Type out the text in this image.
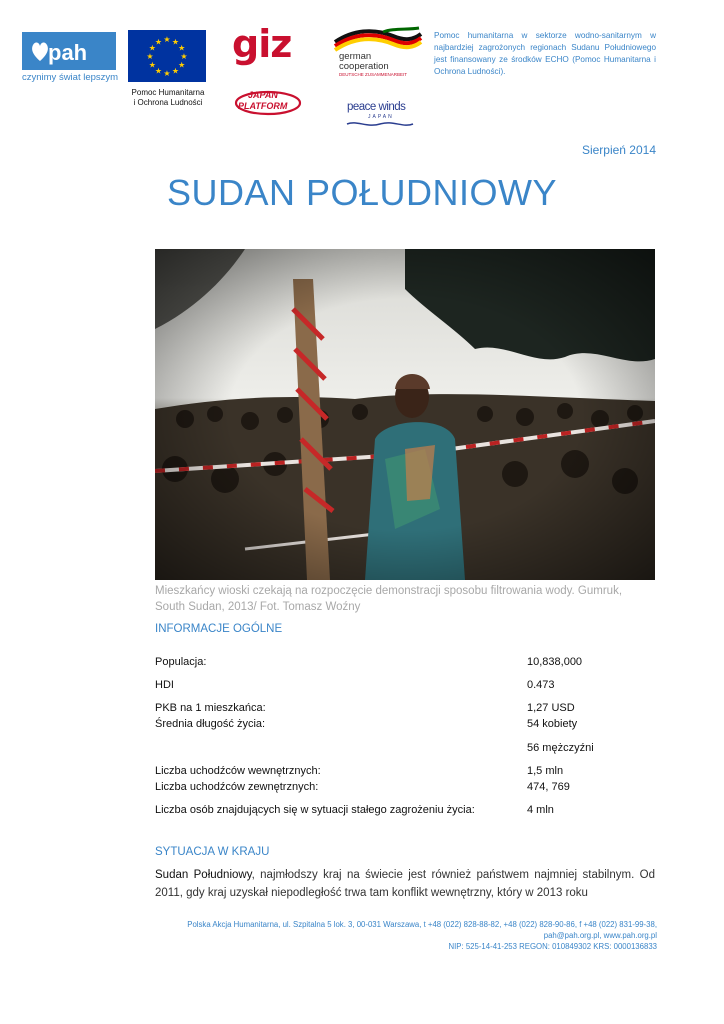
pah
czynimy świat lepszym
★ ★
★
★
★
★
★
★
★
★
★
★
Pomoc Humanitarna
i Ochrona Ludności
giz
JAPAN
PLATFORM
german
cooperation
DEUTSCHE ZUSAMMENARBEIT
peace winds
JAPAN
Pomoc humanitarna w sektorze wodno-sanitarnym w najbardziej zagrożonych regionach Sudanu Południowego jest finansowany ze środków ECHO (Pomoc Humanitarna i Ochrona Ludności).
Sierpień 2014
SUDAN POŁUDNIOWY
Mieszkańcy wioski czekają na rozpoczęcie demonstracji sposobu filtrowania wody. Gumruk, South Sudan, 2013/ Fot. Tomasz Woźny
INFORMACJE OGÓLNE
Populacja:	10,838,000
HDI	0.473
PKB na 1 mieszkańca:	1,27 USD
Średnia długość życia:	54 kobiety
56 mężczyźni
Liczba uchodźców wewnętrznych:	1,5 mln
Liczba uchodźców zewnętrznych:	474, 769
Liczba osób znajdujących się w sytuacji stałego zagrożeniu życia:	4 mln
SYTUACJA W KRAJU
Sudan Południowy, najmłodszy kraj na świecie jest również państwem najmniej stabilnym. Od 2011, gdy kraj uzyskał niepodległość trwa tam konflikt wewnętrzny, który w 2013 roku
Polska Akcja Humanitarna, ul. Szpitalna 5 lok. 3, 00-031 Warszawa, t +48 (022) 828-88-82, +48 (022) 828-90-86, f +48 (022) 831-99-38,
pah@pah.org.pl, www.pah.org.pl
NIP: 525-14-41-253 REGON: 010849302 KRS: 0000136833
